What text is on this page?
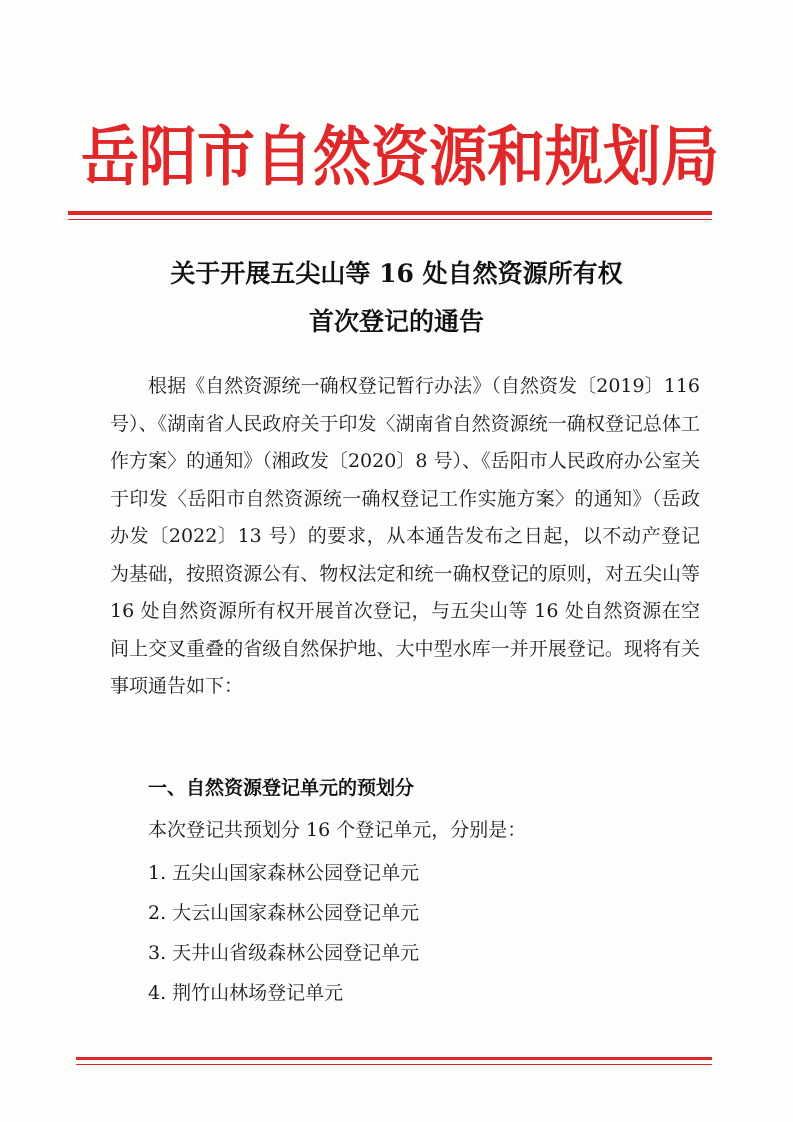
岳阳市自然资源和规划局
关于开展五尖山等 16 处自然资源所有权
首次登记的通告

根据《自然资源统一确权登记暂行办法》（自然资发〔2019〕116 号）、《湖南省人民政府关于印发〈湖南省自然资源统一确权登记总体工作方案〉的通知》（湘政发〔2020〕8 号）、《岳阳市人民政府办公室关于印发〈岳阳市自然资源统一确权登记工作实施方案〉的通知》（岳政办发〔2022〕13 号）的要求，从本通告发布之日起，以不动产登记为基础，按照资源公有、物权法定和统一确权登记的原则，对五尖山等 16 处自然资源所有权开展首次登记，与五尖山等 16 处自然资源在空间上交叉重叠的省级自然保护地、大中型水库一并开展登记。现将有关事项通告如下：

一、自然资源登记单元的预划分
本次登记共预划分 16 个登记单元，分别是：
1. 五尖山国家森林公园登记单元
2. 大云山国家森林公园登记单元
3. 天井山省级森林公园登记单元
4. 荆竹山林场登记单元
